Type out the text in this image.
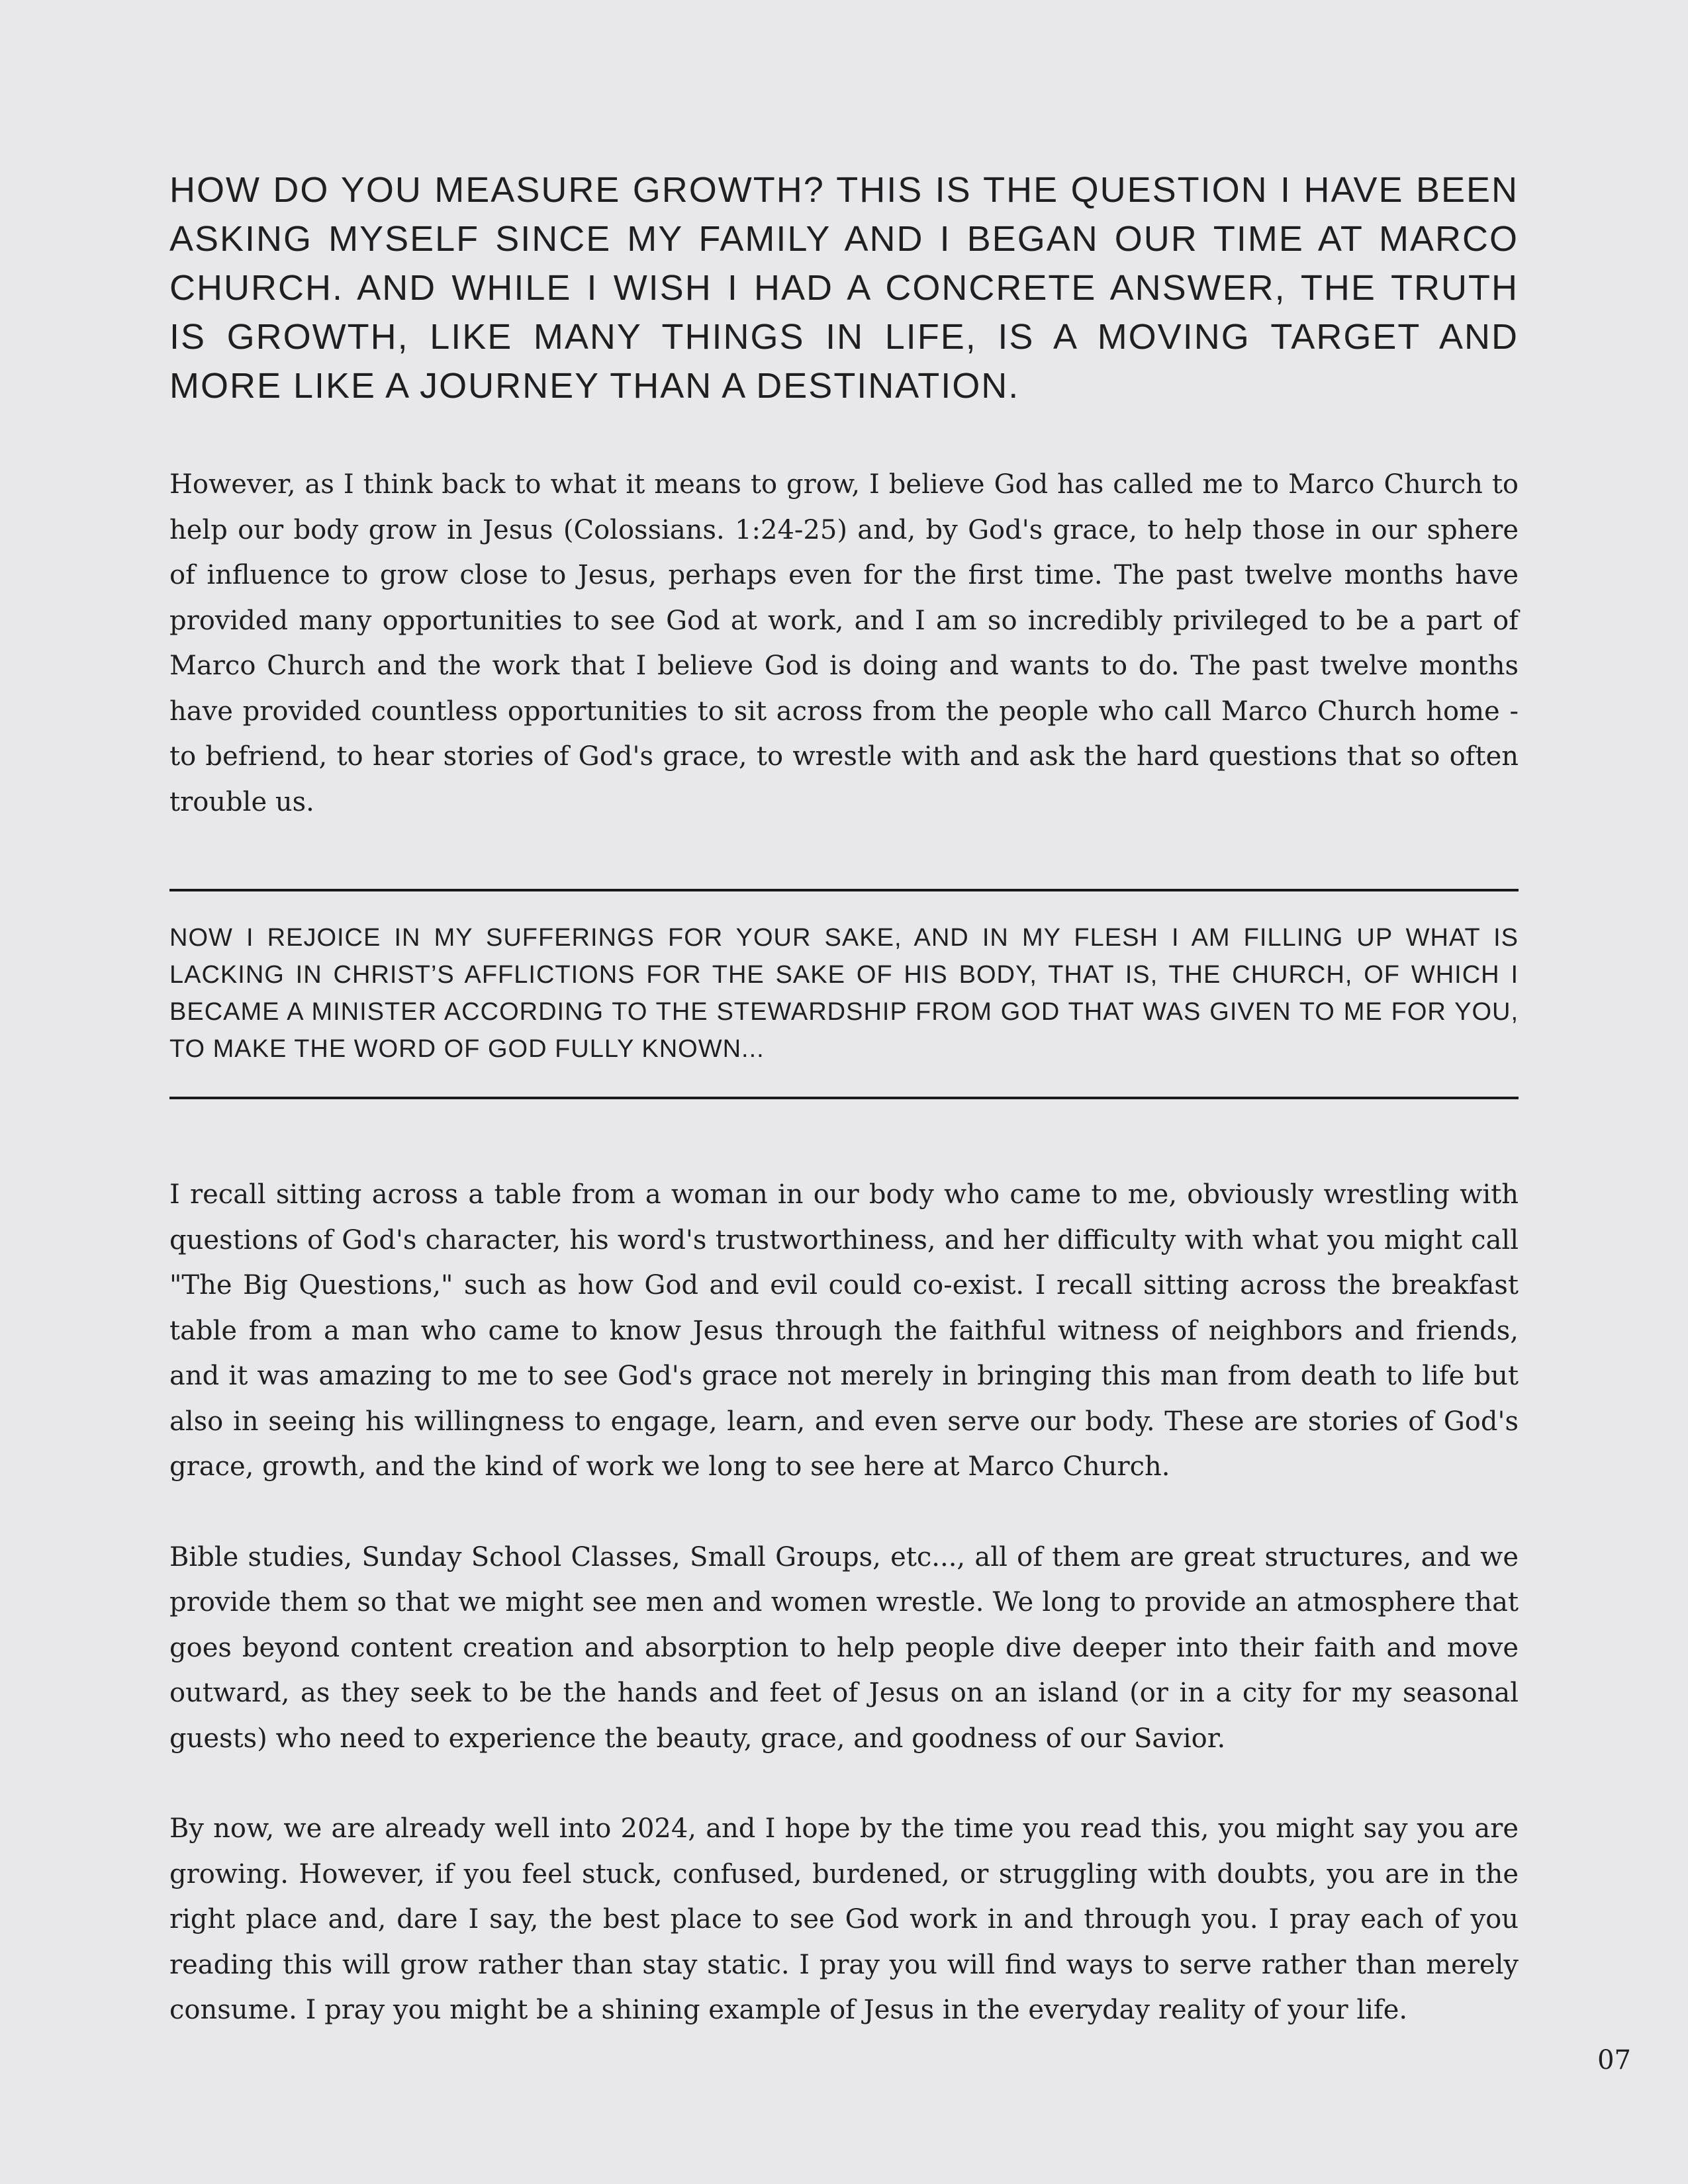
HOW DO YOU MEASURE GROWTH? THIS IS THE QUESTION I HAVE BEEN ASKING MYSELF SINCE MY FAMILY AND I BEGAN OUR TIME AT MARCO CHURCH. AND WHILE I WISH I HAD A CONCRETE ANSWER, THE TRUTH IS GROWTH, LIKE MANY THINGS IN LIFE, IS A MOVING TARGET AND MORE LIKE A JOURNEY THAN A DESTINATION.

However, as I think back to what it means to grow, I believe God has called me to Marco Church to help our body grow in Jesus (Colossians. 1:24-25) and, by God's grace, to help those in our sphere of influence to grow close to Jesus, perhaps even for the first time. The past twelve months have provided many opportunities to see God at work, and I am so incredibly privileged to be a part of Marco Church and the work that I believe God is doing and wants to do. The past twelve months have provided countless opportunities to sit across from the people who call Marco Church home - to befriend, to hear stories of God's grace, to wrestle with and ask the hard questions that so often trouble us.

NOW I REJOICE IN MY SUFFERINGS FOR YOUR SAKE, AND IN MY FLESH I AM FILLING UP WHAT IS LACKING IN CHRIST’S AFFLICTIONS FOR THE SAKE OF HIS BODY, THAT IS, THE CHURCH, OF WHICH I BECAME A MINISTER ACCORDING TO THE STEWARDSHIP FROM GOD THAT WAS GIVEN TO ME FOR YOU, TO MAKE THE WORD OF GOD FULLY KNOWN...

I recall sitting across a table from a woman in our body who came to me, obviously wrestling with questions of God's character, his word's trustworthiness, and her difficulty with what you might call "The Big Questions," such as how God and evil could co-exist. I recall sitting across the breakfast table from a man who came to know Jesus through the faithful witness of neighbors and friends, and it was amazing to me to see God's grace not merely in bringing this man from death to life but also in seeing his willingness to engage, learn, and even serve our body. These are stories of God's grace, growth, and the kind of work we long to see here at Marco Church.

Bible studies, Sunday School Classes, Small Groups, etc..., all of them are great structures, and we provide them so that we might see men and women wrestle. We long to provide an atmosphere that goes beyond content creation and absorption to help people dive deeper into their faith and move outward, as they seek to be the hands and feet of Jesus on an island (or in a city for my seasonal guests) who need to experience the beauty, grace, and goodness of our Savior.

By now, we are already well into 2024, and I hope by the time you read this, you might say you are growing. However, if you feel stuck, confused, burdened, or struggling with doubts, you are in the right place and, dare I say, the best place to see God work in and through you. I pray each of you reading this will grow rather than stay static. I pray you will find ways to serve rather than merely consume. I pray you might be a shining example of Jesus in the everyday reality of your life.

07
